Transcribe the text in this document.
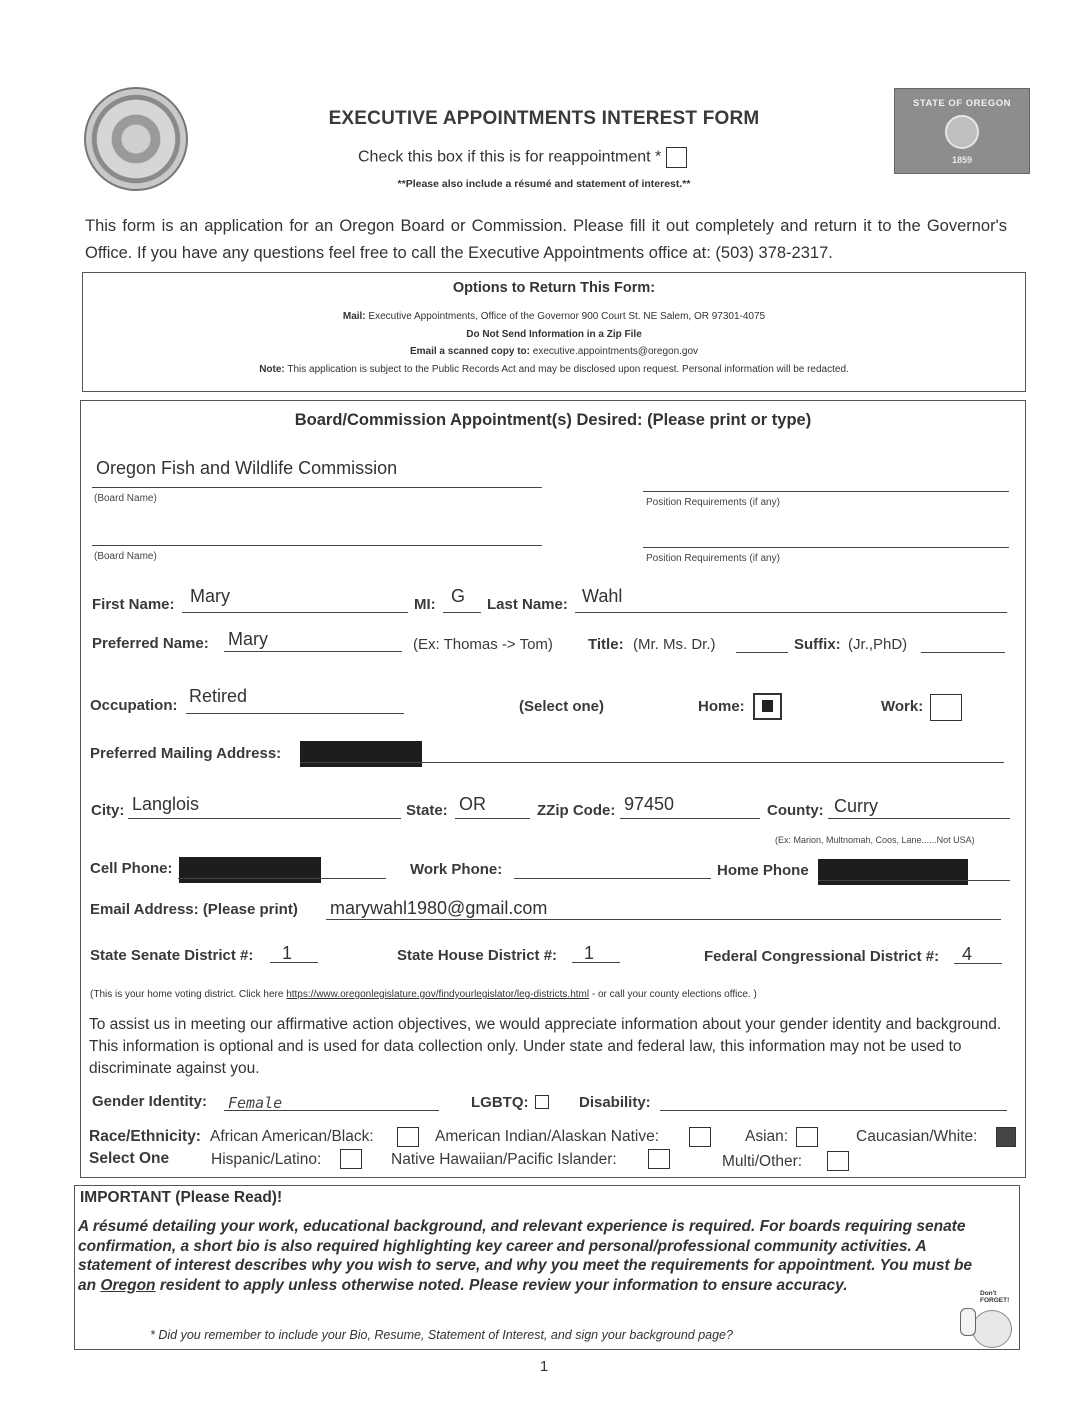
EXECUTIVE APPOINTMENTS INTEREST FORM
Check this box if this is for reappointment *
**Please also include a résumé and statement of interest.**
STATE OF OREGON
1859
This form is an application for an Oregon Board or Commission. Please fill it out completely and return it to the Governor's Office. If you have any questions feel free to call the Executive Appointments office at: (503) 378-2317.
Options to Return This Form:
Mail: Executive Appointments, Office of the Governor 900 Court St. NE Salem, OR 97301-4075
Do Not Send Information in a Zip File
Email a scanned copy to: executive.appointments@oregon.gov
Note: This application is subject to the Public Records Act and may be disclosed upon request. Personal information will be redacted.
Board/Commission Appointment(s) Desired: (Please print or type)
Oregon Fish and Wildlife Commission
(Board Name)	Position Requirements (if any)
(Board Name)	Position Requirements (if any)
First Name: Mary	MI: G Last Name: Wahl
Preferred Name: Mary	(Ex: Thomas -> Tom) Title: (Mr. Ms. Dr.)	Suffix: (Jr.,PhD)
Occupation: Retired
(Select one)	Home:	Work:
Preferred Mailing Address:
City: Langlois	State: OR	ZZip Code: 97450	County: Curry
(Ex: Marion, Multnomah, Coos, Lane......Not USA)
Cell Phone:	Work Phone:	Home Phone
Email Address: (Please print) marywahl1980@gmail.com
State Senate District #: 1	State House District #: 1	Federal Congressional District #: 4
(This is your home voting district. Click here https://www.oregonlegislature.gov/findyourlegislator/leg-districts.html - or call your county elections office. )
To assist us in meeting our affirmative action objectives, we would appreciate information about your gender identity and background. This information is optional and is used for data collection only. Under state and federal law, this information may not be used to discriminate against you.
Gender Identity: Female	LGBTQ:	Disability:
Race/Ethnicity: African American/Black:	American Indian/Alaskan Native:	Asian:	Caucasian/White:
Select One	Hispanic/Latino:	Native Hawaiian/Pacific Islander:	Multi/Other:
IMPORTANT (Please Read)!
A résumé detailing your work, educational background, and relevant experience is required. For boards requiring senate confirmation, a short bio is also required highlighting key career and personal/professional community activities. A statement of interest describes why you wish to serve, and why you meet the requirements for appointment. You must be an Oregon resident to apply unless otherwise noted. Please review your information to ensure accuracy.
* Did you remember to include your Bio, Resume, Statement of Interest, and sign your background page?
Don't FORGET!
1
